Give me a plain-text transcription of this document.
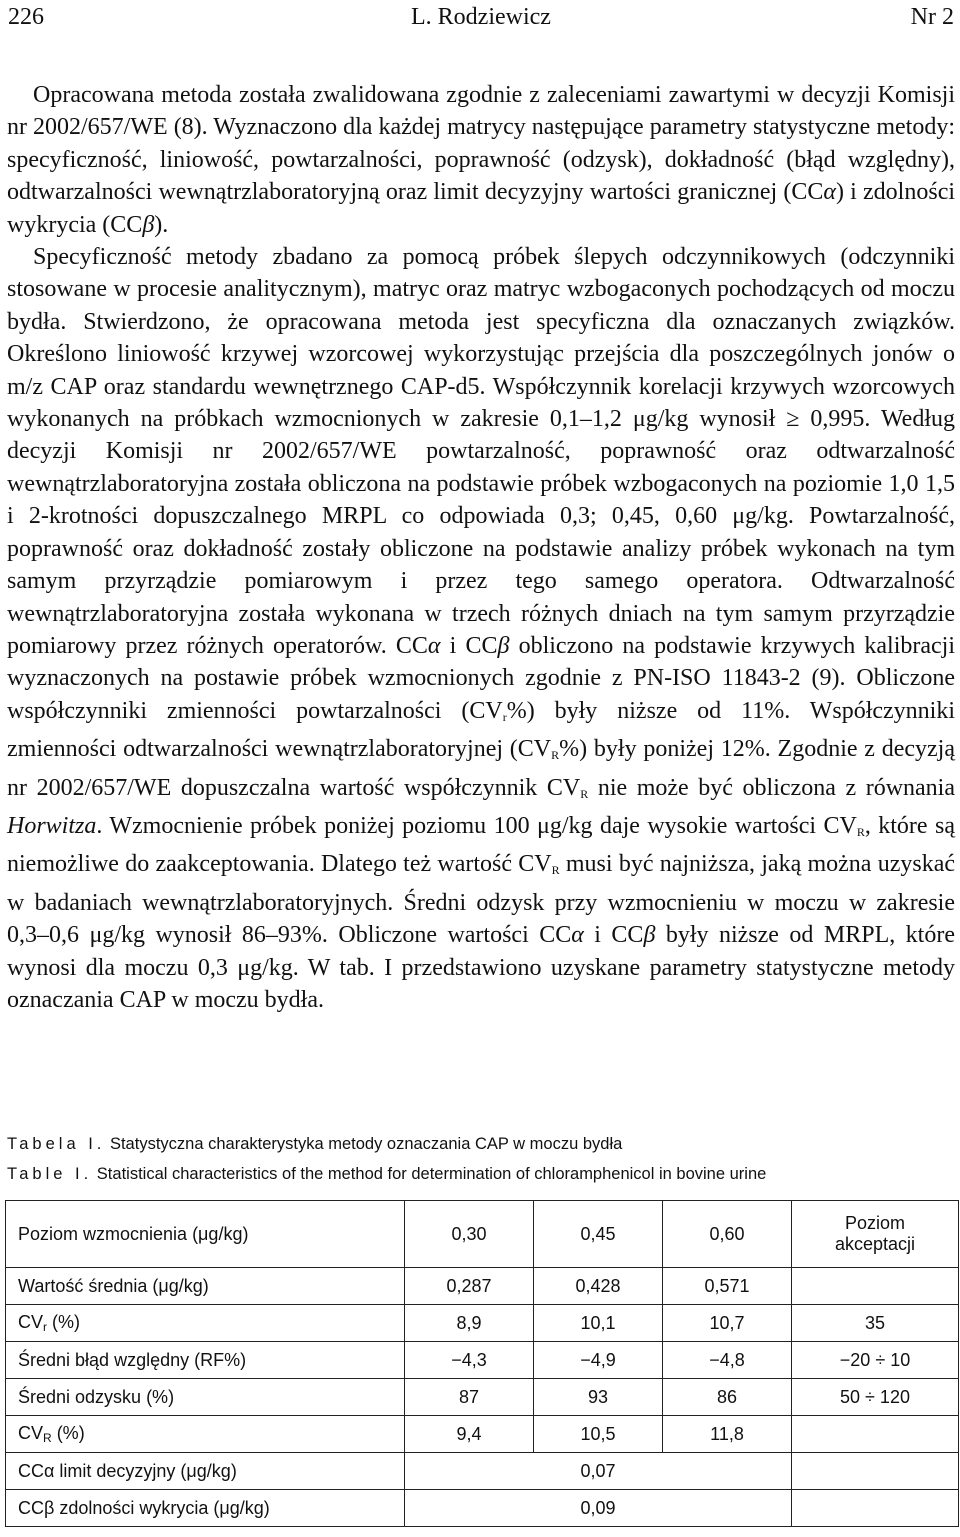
226	L. Rodziewicz	Nr 2

Opracowana metoda została zwalidowana zgodnie z zaleceniami zawartymi w decyzji Komisji nr 2002/657/WE (8). Wyznaczono dla każdej matrycy następujące parametry statystyczne metody: specyficzność, liniowość, powtarzalności, poprawność (odzysk), dokładność (błąd względny), odtwarzalności wewnątrzlaboratoryjną oraz limit decyzyjny wartości granicznej (CCα) i zdolności wykrycia (CCβ).

Specyficzność metody zbadano za pomocą próbek ślepych odczynnikowych (odczynniki stosowane w procesie analitycznym), matryc oraz matryc wzbogaconych pochodzących od moczu bydła. Stwierdzono, że opracowana metoda jest specyficzna dla oznaczanych związków. Określono liniowość krzywej wzorcowej wykorzystując przejścia dla poszczególnych jonów o m/z CAP oraz standardu wewnętrznego CAP-d5. Współczynnik korelacji krzywych wzorcowych wykonanych na próbkach wzmocnionych w zakresie 0,1–1,2 μg/kg wynosił ≥ 0,995. Według decyzji Komisji nr 2002/657/WE powtarzalność, poprawność oraz odtwarzalność wewnątrzlaboratoryjna została obliczona na podstawie próbek wzbogaconych na poziomie 1,0 1,5 i 2-krotności dopuszczalnego MRPL co odpowiada 0,3; 0,45, 0,60 μg/kg. Powtarzalność, poprawność oraz dokładność zostały obliczone na podstawie analizy próbek wykonach na tym samym przyrządzie pomiarowym i przez tego samego operatora. Odtwarzalność wewnątrzlaboratoryjna została wykonana w trzech różnych dniach na tym samym przyrządzie pomiarowy przez różnych operatorów. CCα i CCβ obliczono na podstawie krzywych kalibracji wyznaczonych na postawie próbek wzmocnionych zgodnie z PN-ISO 11843-2 (9). Obliczone współczynniki zmienności powtarzalności $(CV_r\%)$ były niższe od 11%. Współczynniki zmienności odtwarzalności wewnątrzlaboratoryjnej $(CV_R\%)$ były poniżej 12%. Zgodnie z decyzją nr 2002/657/WE dopuszczalna wartość współczynnik $CV_R$ nie może być obliczona z równania Horwitza. Wzmocnienie próbek poniżej poziomu 100 μg/kg daje wysokie wartości $CV_R$, które są niemożliwe do zaakceptowania. Dlatego też wartość $CV_R$ musi być najniższa, jaką można uzyskać w badaniach wewnątrzlaboratoryjnych. Średni odzysk przy wzmocnieniu w moczu w zakresie 0,3–0,6 μg/kg wynosił 86–93%. Obliczone wartości CCα i CCβ były niższe od MRPL, które wynosi dla moczu 0,3 μg/kg. W tab. I przedstawiono uzyskane parametry statystyczne metody oznaczania CAP w moczu bydła.

Tabela I. Statystyczna charakterystyka metody oznaczania CAP w moczu bydła
Table I. Statistical characteristics of the method for determination of chloramphenicol in bovine urine
Poziom wzmocnienia (μg/kg)	0,30	0,45	0,60	Poziom akceptacji
Wartość średnia (μg/kg)	0,287	0,428	0,571	
$CV_r$ (%)	8,9	10,1	10,7	35
Średni błąd względny (RF%)	−4,3	−4,9	−4,8	−20 ÷ 10
Średni odzysku (%)	87	93	86	50 ÷ 120
$CV_R$ (%)	9,4	10,5	11,8	
CCα limit decyzyjny (μg/kg)	0,07			
CCβ zdolności wykrycia (μg/kg)	0,09			
